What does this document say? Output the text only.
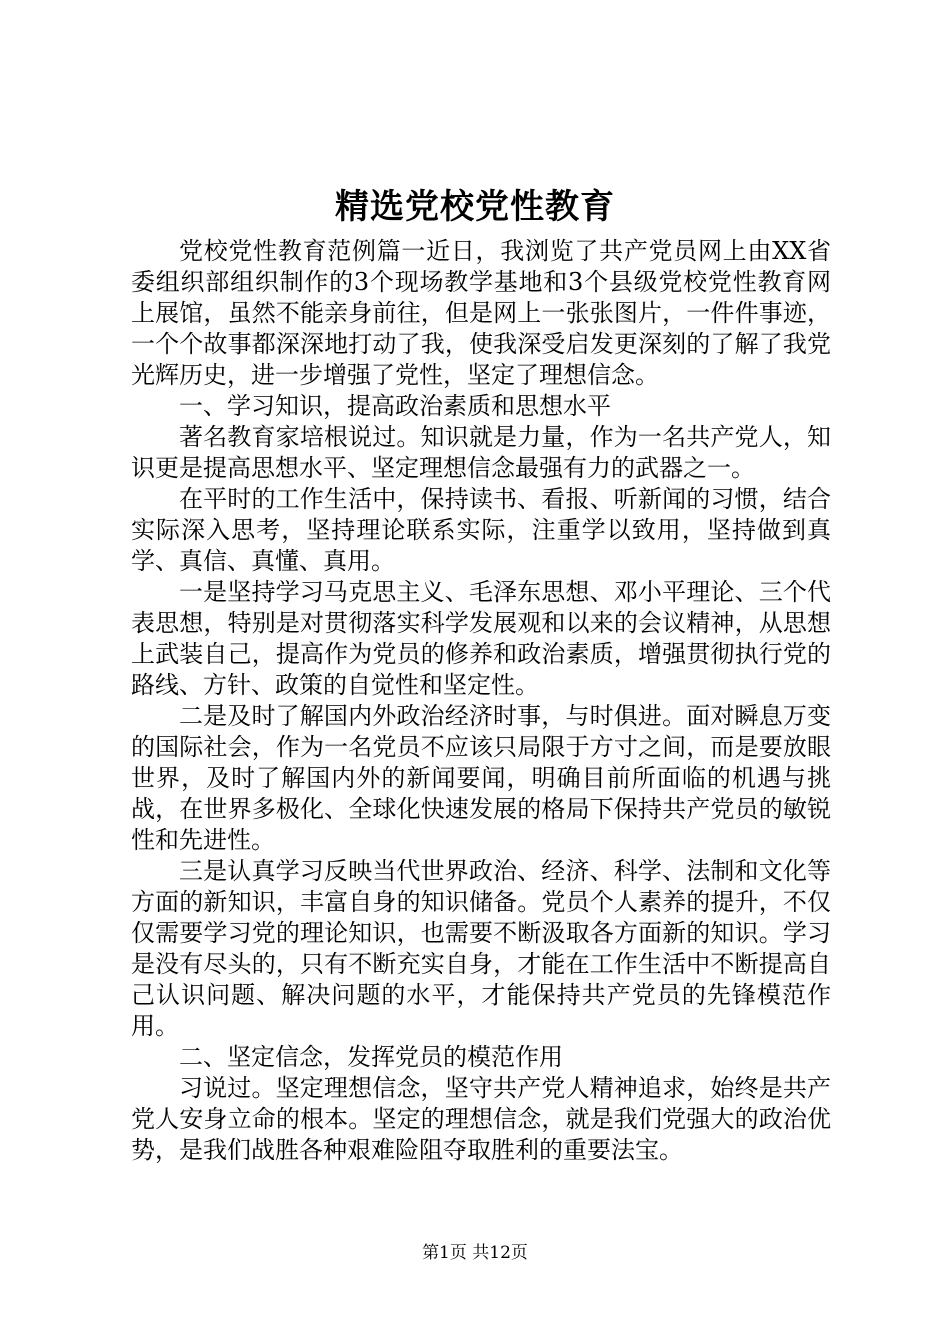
精选党校党性教育

党校党性教育范例篇一近日，我浏览了共产党员网上由XX省委组织部组织制作的3个现场教学基地和3个县级党校党性教育网上展馆，虽然不能亲身前往，但是网上一张张图片，一件件事迹，一个个故事都深深地打动了我，使我深受启发更深刻的了解了我党光辉历史，进一步增强了党性，坚定了理想信念。

一、学习知识，提高政治素质和思想水平

著名教育家培根说过。知识就是力量，作为一名共产党人，知识更是提高思想水平、坚定理想信念最强有力的武器之一。

在平时的工作生活中，保持读书、看报、听新闻的习惯，结合实际深入思考，坚持理论联系实际，注重学以致用，坚持做到真学、真信、真懂、真用。

一是坚持学习马克思主义、毛泽东思想、邓小平理论、三个代表思想，特别是对贯彻落实科学发展观和以来的会议精神，从思想上武装自己，提高作为党员的修养和政治素质，增强贯彻执行党的路线、方针、政策的自觉性和坚定性。

二是及时了解国内外政治经济时事，与时俱进。面对瞬息万变的国际社会，作为一名党员不应该只局限于方寸之间，而是要放眼世界，及时了解国内外的新闻要闻，明确目前所面临的机遇与挑战，在世界多极化、全球化快速发展的格局下保持共产党员的敏锐性和先进性。

三是认真学习反映当代世界政治、经济、科学、法制和文化等方面的新知识，丰富自身的知识储备。党员个人素养的提升，不仅仅需要学习党的理论知识，也需要不断汲取各方面新的知识。学习是没有尽头的，只有不断充实自身，才能在工作生活中不断提高自己认识问题、解决问题的水平，才能保持共产党员的先锋模范作用。

二、坚定信念，发挥党员的模范作用

习说过。坚定理想信念，坚守共产党人精神追求，始终是共产党人安身立命的根本。坚定的理想信念，就是我们党强大的政治优势，是我们战胜各种艰难险阻夺取胜利的重要法宝。

第1页 共12页
